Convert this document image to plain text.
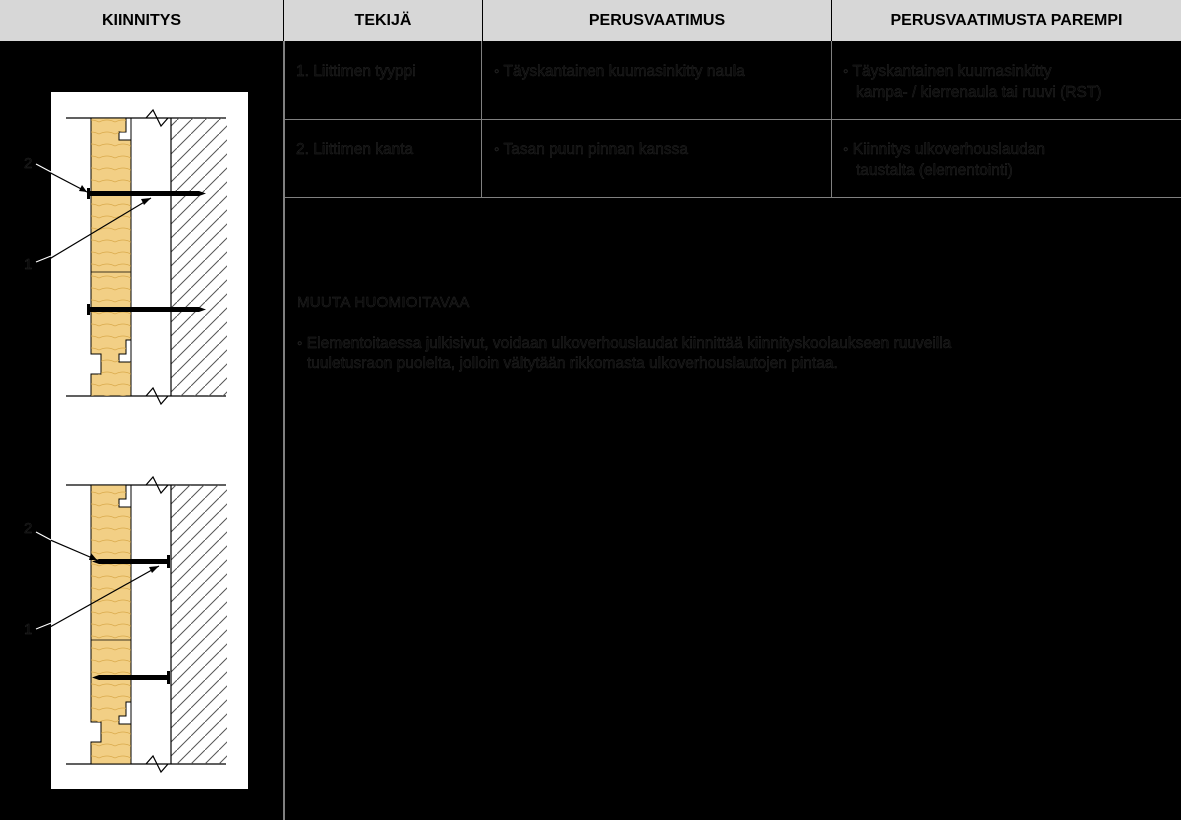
KIINNITYS	TEKIJÄ	PERUSVAATIMUS	PERUSVAATIMUSTA PAREMPI
1. Liittimen tyyppi	◦ Täyskantainen kuumasinkitty naula	◦ Täyskantainen kuumasinkitty
kampa- / kierrenaula tai ruuvi (RST)
2. Liittimen kanta	◦ Tasan puun pinnan kanssa	◦ Kiinnitys ulkoverhouslaudan
taustalta (elementointi)
MUUTA HUOMIOITAVAA
◦ Elementoitaessa julkisivut, voidaan ulkoverhouslaudat kiinnittää kiinnityskoolaukseen ruuveilla
tuuletusraon puolelta, jolloin vältytään rikkomasta ulkoverhouslautojen pintaa.
2
1
2
1
